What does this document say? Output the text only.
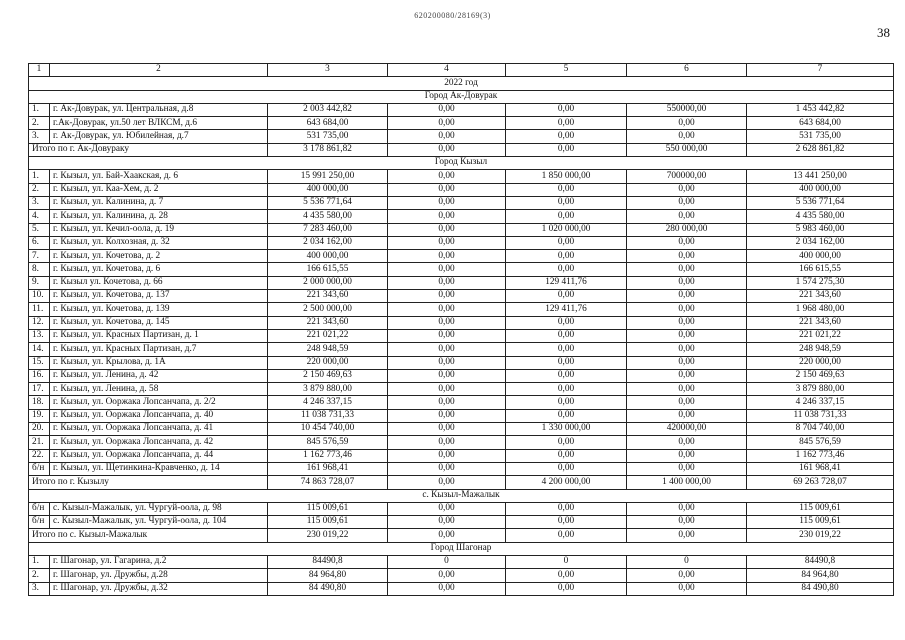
620200080/28169(3)
38
1	2	3	4	5	6	7
2022 год						
Город Ак-Довурак						
1.	г. Ак-Довурак, ул. Центральная, д.8	2 003 442,82	0,00	0,00	550000,00	1 453 442,82
2.	г.Ак-Довурак, ул.50 лет ВЛКСМ, д.6	643 684,00	0,00	0,00	0,00	643 684,00
3.	г. Ак-Довурак, ул. Юбилейная, д.7	531 735,00	0,00	0,00	0,00	531 735,00
Итого по г. Ак-Довураку		3 178 861,82	0,00	0,00	550 000,00	2 628 861,82
Город Кызыл						
1.	г. Кызыл, ул. Бай-Хаакская, д. 6	15 991 250,00	0,00	1 850 000,00	700000,00	13 441 250,00
2.	г. Кызыл, ул. Каа-Хем, д. 2	400 000,00	0,00	0,00	0,00	400 000,00
3.	г. Кызыл, ул. Калинина, д. 7	5 536 771,64	0,00	0,00	0,00	5 536 771,64
4.	г. Кызыл, ул. Калинина, д. 28	4 435 580,00	0,00	0,00	0,00	4 435 580,00
5.	г. Кызыл, ул. Кечил-оола, д. 19	7 283 460,00	0,00	1 020 000,00	280 000,00	5 983 460,00
6.	г. Кызыл, ул. Колхозная, д. 32	2 034 162,00	0,00	0,00	0,00	2 034 162,00
7.	г. Кызыл, ул. Кочетова, д. 2	400 000,00	0,00	0,00	0,00	400 000,00
8.	г. Кызыл, ул. Кочетова, д. 6	166 615,55	0,00	0,00	0,00	166 615,55
9.	г. Кызыл ул. Кочетова, д. 66	2 000 000,00	0,00	129 411,76	0,00	1 574 275,30
10.	г. Кызыл, ул. Кочетова, д. 137	221 343,60	0,00	0,00	0,00	221 343,60
11.	г. Кызыл, ул. Кочетова, д. 139	2 500 000,00	0,00	129 411,76	0,00	1 968 480,00
12.	г. Кызыл, ул. Кочетова, д. 145	221 343,60	0,00	0,00	0,00	221 343,60
13.	г. Кызыл, ул. Красных Партизан, д. 1	221 021,22	0,00	0,00	0,00	221 021,22
14.	г. Кызыл, ул. Красных Партизан, д.7	248 948,59	0,00	0,00	0,00	248 948,59
15.	г. Кызыл, ул. Крылова, д. 1А	220 000,00	0,00	0,00	0,00	220 000,00
16.	г. Кызыл, ул. Ленина, д. 42	2 150 469,63	0,00	0,00	0,00	2 150 469,63
17.	г. Кызыл, ул. Ленина, д. 58	3 879 880,00	0,00	0,00	0,00	3 879 880,00
18.	г. Кызыл, ул. Ооржака Лопсанчапа, д. 2/2	4 246 337,15	0,00	0,00	0,00	4 246 337,15
19.	г. Кызыл, ул. Ооржака Лопсанчапа, д. 40	11 038 731,33	0,00	0,00	0,00	11 038 731,33
20.	г. Кызыл, ул. Ооржака Лопсанчапа, д. 41	10 454 740,00	0,00	1 330 000,00	420000,00	8 704 740,00
21.	г. Кызыл, ул. Ооржака Лопсанчапа, д. 42	845 576,59	0,00	0,00	0,00	845 576,59
22.	г. Кызыл, ул. Ооржака Лопсанчапа, д. 44	1 162 773,46	0,00	0,00	0,00	1 162 773,46
б/н	г. Кызыл, ул. Щетинкина-Кравченко, д. 14	161 968,41	0,00	0,00	0,00	161 968,41
Итого по г. Кызылу		74 863 728,07	0,00	4 200 000,00	1 400 000,00	69 263 728,07
с. Кызыл-Мажалык						
б/н	с. Кызыл-Мажалык, ул. Чургуй-оола, д. 98	115 009,61	0,00	0,00	0,00	115 009,61
б/н	с. Кызыл-Мажалык, ул. Чургуй-оола, д. 104	115 009,61	0,00	0,00	0,00	115 009,61
Итого по с. Кызыл-Мажалык		230 019,22	0,00	0,00	0,00	230 019,22
Город Шагонар						
1.	г. Шагонар, ул. Гагарина, д.2	84490,8	0	0	0	84490,8
2.	г. Шагонар, ул. Дружбы, д.28	84 964,80	0,00	0,00	0,00	84 964,80
3.	г. Шагонар, ул. Дружбы, д.32	84 490,80	0,00	0,00	0,00	84 490,80
